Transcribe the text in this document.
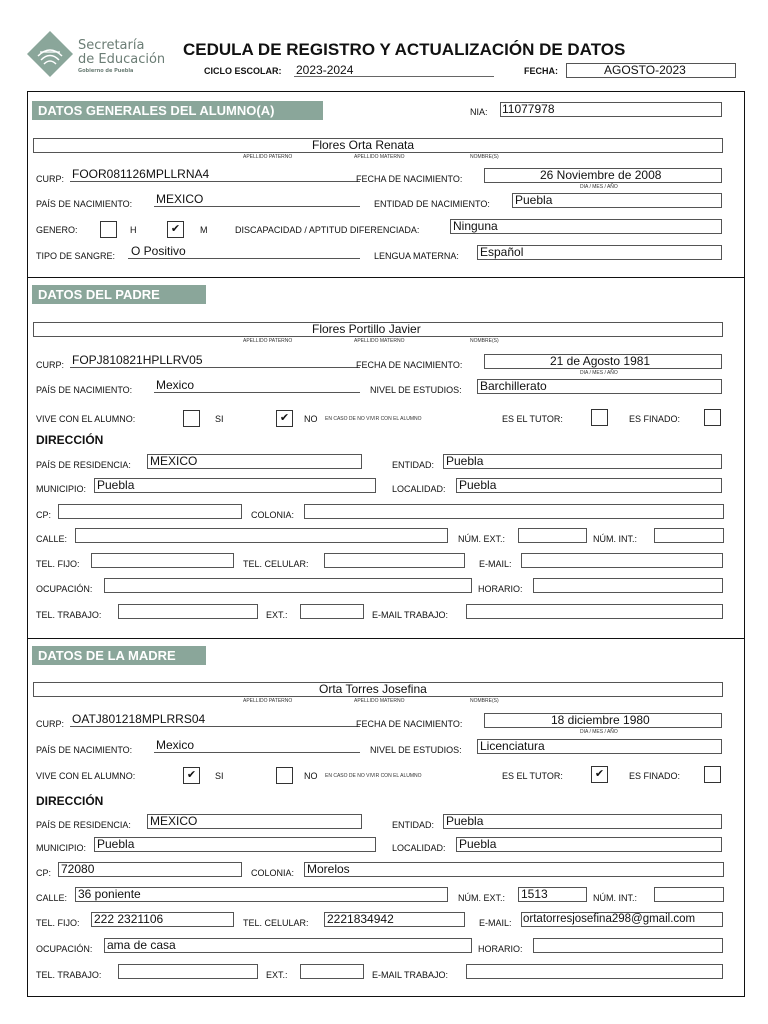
Secretaría
de Educación
Gobierno de Puebla
CEDULA DE REGISTRO Y ACTUALIZACIÓN DE DATOS
CICLO ESCOLAR: 2023-2024	FECHA:	AGOSTO-2023
DATOS GENERALES DEL ALUMNO(A)	NIA: 11077978
Flores Orta Renata
APELLIDO PATERNO	APELLIDO MATERNO	NOMBRE(S)
CURP: FOOR081126MPLLRNA4	FECHA DE NACIMIENTO:	26 Noviembre de 2008
DIA / MES / AÑO
PAÍS DE NACIMIENTO: MEXICO	ENTIDAD DE NACIMIENTO: Puebla
GENERO:	H	✔	M	DISCAPACIDAD / APTITUD DIFERENCIADA:	Ninguna
TIPO DE SANGRE: O Positivo	LENGUA MATERNA: Español
DATOS DEL PADRE
Flores Portillo Javier
APELLIDO PATERNO	APELLIDO MATERNO	NOMBRE(S)
CURP: FOPJ810821HPLLRV05	FECHA DE NACIMIENTO:	21 de Agosto 1981
DIA / MES / AÑO
PAÍS DE NACIMIENTO: Mexico	NIVEL DE ESTUDIOS: Barchillerato
VIVE CON EL ALUMNO:	SI	✔	NO EN CASO DE NO VIVIR CON EL ALUMNO	ES EL TUTOR:	ES FINADO:
DIRECCIÓN
PAÍS DE RESIDENCIA: MEXICO	ENTIDAD: Puebla
MUNICIPIO: Puebla	LOCALIDAD: Puebla
CP:	COLONIA:
CALLE:	NÚM. EXT.:	NÚM. INT.:
TEL. FIJO:	TEL. CELULAR:	E-MAIL:
OCUPACIÓN:	HORARIO:
TEL. TRABAJO:	EXT.:	E-MAIL TRABAJO:
DATOS DE LA MADRE
Orta Torres Josefina
APELLIDO PATERNO	APELLIDO MATERNO	NOMBRE(S)
CURP: OATJ801218MPLRRS04	FECHA DE NACIMIENTO:	18 diciembre 1980
DIA / MES / AÑO
PAÍS DE NACIMIENTO: Mexico	NIVEL DE ESTUDIOS: Licenciatura
VIVE CON EL ALUMNO:	✔	SI	NO EN CASO DE NO VIVIR CON EL ALUMNO	ES EL TUTOR:	✔	ES FINADO:
DIRECCIÓN
PAÍS DE RESIDENCIA: MEXICO	ENTIDAD: Puebla
MUNICIPIO: Puebla	LOCALIDAD: Puebla
CP: 72080	COLONIA: Morelos
CALLE: 36 poniente	NÚM. EXT.: 1513	NÚM. INT.:
TEL. FIJO: 222 2321106	TEL. CELULAR: 2221834942	E-MAIL: ortatorresjosefina298@gmail.com
OCUPACIÓN: ama de casa	HORARIO:
TEL. TRABAJO:	EXT.:	E-MAIL TRABAJO:
